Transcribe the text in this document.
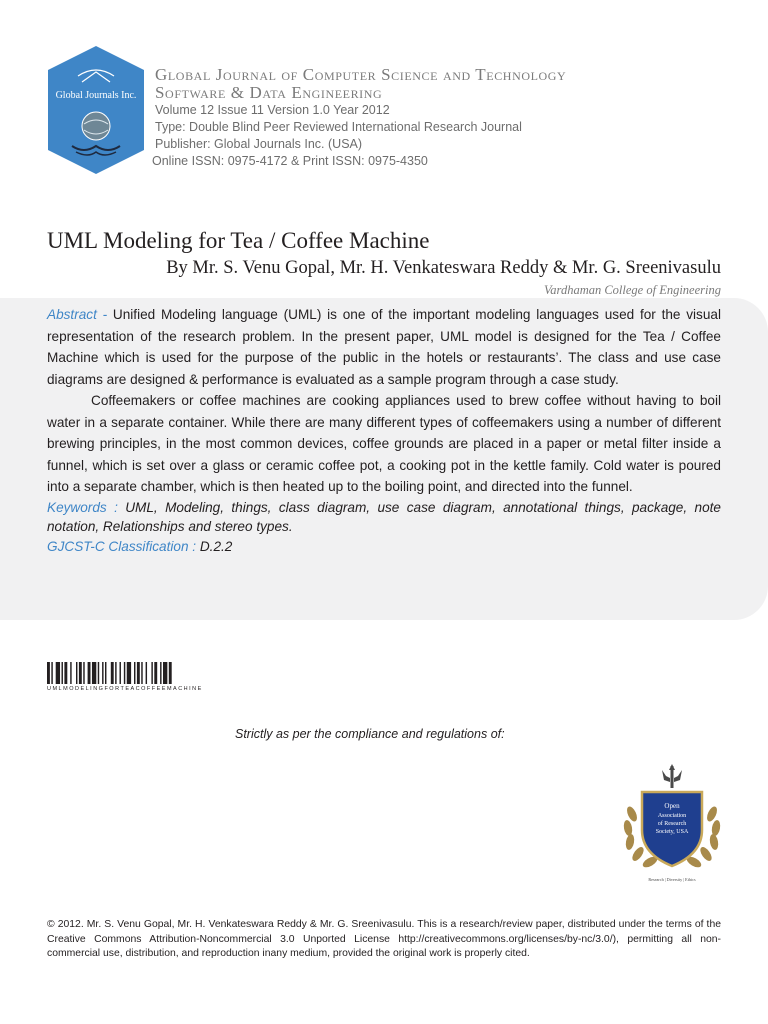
Global Journals Inc.
Global Journal of Computer Science and Technology
Software & Data Engineering
Volume 12 Issue 11 Version 1.0 Year 2012
Type: Double Blind Peer Reviewed International Research Journal
Publisher: Global Journals Inc. (USA)
Online ISSN: 0975-4172 & Print ISSN: 0975-4350
UML Modeling for Tea / Coffee Machine
By Mr. S. Venu Gopal, Mr. H. Venkateswara Reddy & Mr. G. Sreenivasulu
Vardhaman College of Engineering

Abstract - Unified Modeling language (UML) is one of the important modeling languages used for the visual representation of the research problem. In the present paper, UML model is designed for the Tea / Coffee Machine which is used for the purpose of the public in the hotels or restaurants’. The class and use case diagrams are designed & performance is evaluated as a sample program through a case study.

Coffeemakers or coffee machines are cooking appliances used to brew coffee without having to boil water in a separate container. While there are many different types of coffeemakers using a number of different brewing principles, in the most common devices, coffee grounds are placed in a paper or metal filter inside a funnel, which is set over a glass or ceramic coffee pot, a cooking pot in the kettle family. Cold water is poured into a separate chamber, which is then heated up to the boiling point, and directed into the funnel.

Keywords : UML, Modeling, things, class diagram, use case diagram, annotational things, package, note notation, Relationships and stereo types.

GJCST-C Classification : D.2.2

UMLMODELINGFORTEACOFFEEMACHINE
Strictly as per the compliance and regulations of:
Open
Association
of Research
Society, USA
Research | Diversity | Ethics
© 2012. Mr. S. Venu Gopal, Mr. H. Venkateswara Reddy & Mr. G. Sreenivasulu. This is a research/review paper, distributed under the terms of the Creative Commons Attribution-Noncommercial 3.0 Unported License http://creativecommons.org/licenses/by-nc/3.0/), permitting all non-commercial use, distribution, and reproduction inany medium, provided the original work is properly cited.
